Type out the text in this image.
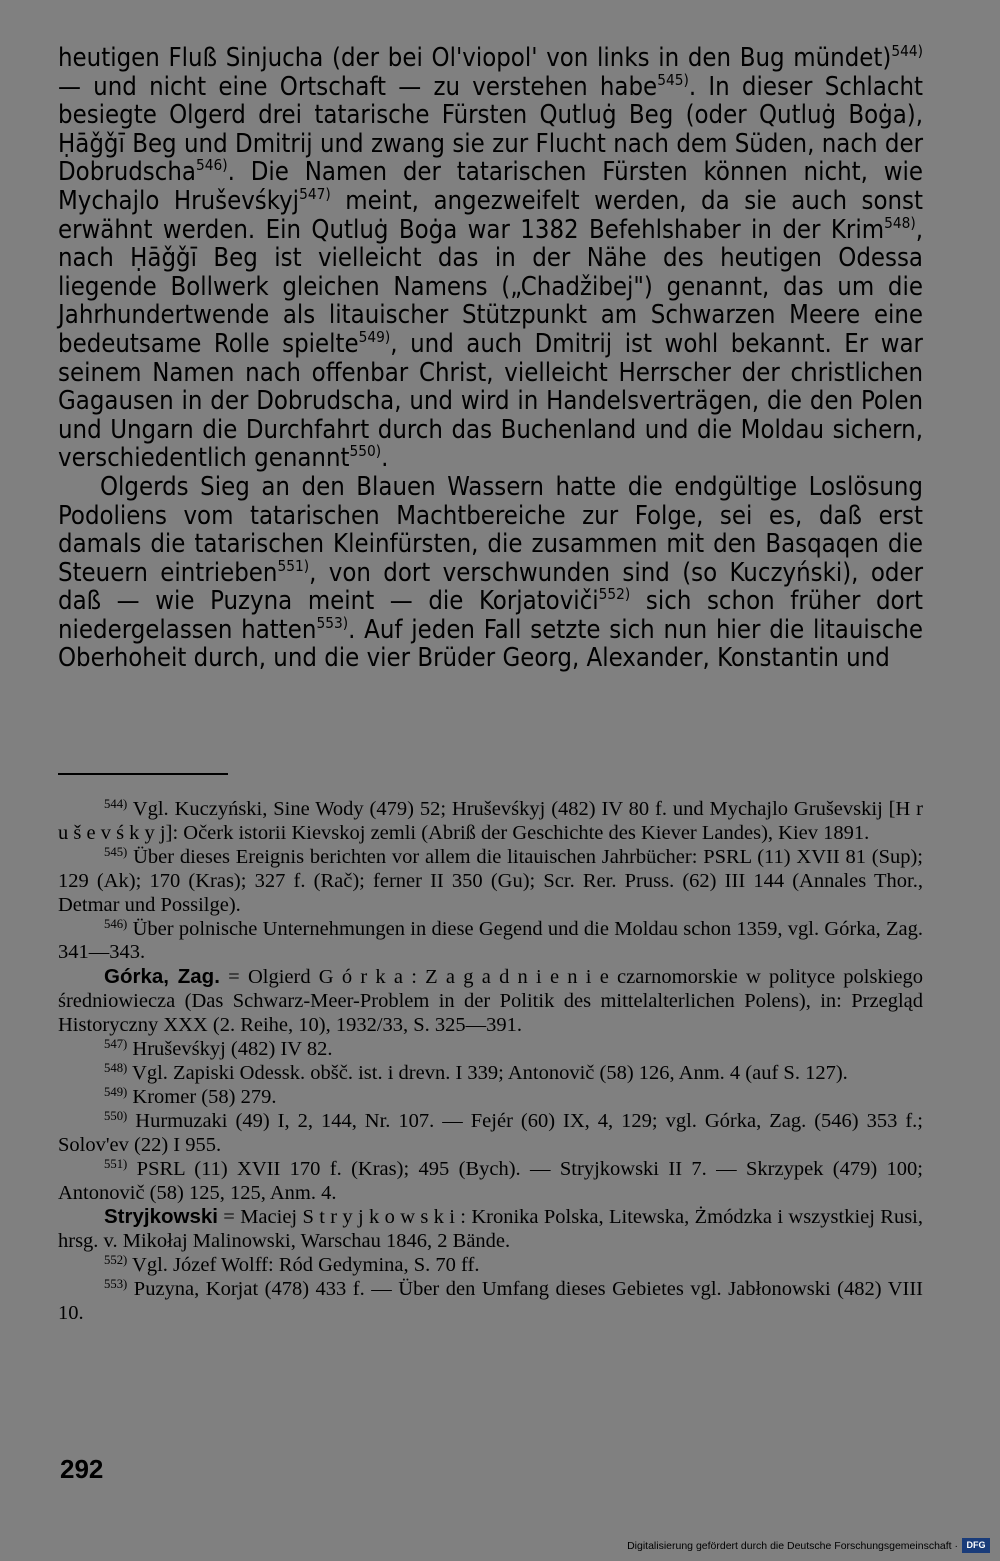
heutigen Fluß Sinjucha (der bei Ol'viopol' von links in den Bug mündet)$^{544)}$ — und nicht eine Ortschaft — zu verstehen habe$^{545)}$. In dieser Schlacht besiegte Olgerd drei tatarische Fürsten Qutluġ Beg (oder Qutluġ Boġa), Ḥāǧǧī Beg und Dmitrij und zwang sie zur Flucht nach dem Süden, nach der Dobrudscha$^{546)}$. Die Namen der tatarischen Fürsten können nicht, wie Mychajlo Hruševśkyj$^{547)}$ meint, angezweifelt werden, da sie auch sonst erwähnt werden. Ein Qutluġ Boġa war 1382 Befehlshaber in der Krim$^{548)}$, nach Ḥāǧǧī Beg ist vielleicht das in der Nähe des heutigen Odessa liegende Bollwerk gleichen Namens („Chadžibej") genannt, das um die Jahrhundertwende als litauischer Stützpunkt am Schwarzen Meere eine bedeutsame Rolle spielte$^{549)}$, und auch Dmitrij ist wohl bekannt. Er war seinem Namen nach offenbar Christ, vielleicht Herrscher der christlichen Gagausen in der Dobrudscha, und wird in Handelsverträgen, die den Polen und Ungarn die Durchfahrt durch das Buchenland und die Moldau sichern, verschiedentlich genannt$^{550)}$.

Olgerds Sieg an den Blauen Wassern hatte die endgültige Loslösung Podoliens vom tatarischen Machtbereiche zur Folge, sei es, daß erst damals die tatarischen Kleinfürsten, die zusammen mit den Basqaqen die Steuern eintrieben$^{551)}$, von dort verschwunden sind (so Kuczyński), oder daß — wie Puzyna meint — die Korjatoviči$^{552)}$ sich schon früher dort niedergelassen hatten$^{553)}$. Auf jeden Fall setzte sich nun hier die litauische Oberhoheit durch, und die vier Brüder Georg, Alexander, Konstantin und

$^{544)}$ Vgl. Kuczyński, Sine Wody (479) 52; Hruševśkyj (482) IV 80 f. und Mychajlo Gruševskij [H r u š e v ś k y j]: Očerk istorii Kievskoj zemli (Abriß der Geschichte des Kiever Landes), Kiev 1891.

$^{545)}$ Über dieses Ereignis berichten vor allem die litauischen Jahrbücher: PSRL (11) XVII 81 (Sup); 129 (Ak); 170 (Kras); 327 f. (Rač); ferner II 350 (Gu); Scr. Rer. Pruss. (62) III 144 (Annales Thor., Detmar und Possilge).

$^{546)}$ Über polnische Unternehmungen in diese Gegend und die Moldau schon 1359, vgl. Górka, Zag. 341—343.

Górka, Zag. = Olgierd G ó r k a : Z a g a d n i e n i e czarnomorskie w polityce polskiego średniowiecza (Das Schwarz-Meer-Problem in der Politik des mittelalterlichen Polens), in: Przegląd Historyczny XXX (2. Reihe, 10), 1932/33, S. 325—391.

$^{547)}$ Hruševśkyj (482) IV 82.

$^{548)}$ Vgl. Zapiski Odessk. obšč. ist. i drevn. I 339; Antonovič (58) 126, Anm. 4 (auf S. 127).

$^{549)}$ Kromer (58) 279.

$^{550)}$ Hurmuzaki (49) I, 2, 144, Nr. 107. — Fejér (60) IX, 4, 129; vgl. Górka, Zag. (546) 353 f.; Solov'ev (22) I 955.

$^{551)}$ PSRL (11) XVII 170 f. (Kras); 495 (Bych). — Stryjkowski II 7. — Skrzypek (479) 100; Antonovič (58) 125, 125, Anm. 4.

Stryjkowski = Maciej S t r y j k o w s k i : Kronika Polska, Litewska, Żmódzka i wszystkiej Rusi, hrsg. v. Mikołaj Malinowski, Warschau 1846, 2 Bände.

$^{552)}$ Vgl. Józef Wolff: Ród Gedymina, S. 70 ff.

$^{553)}$ Puzyna, Korjat (478) 433 f. — Über den Umfang dieses Gebietes vgl. Jabłonowski (482) VIII 10.

292
Digitalisierung gefördert durch die Deutsche Forschungsgemeinschaft · DFG
